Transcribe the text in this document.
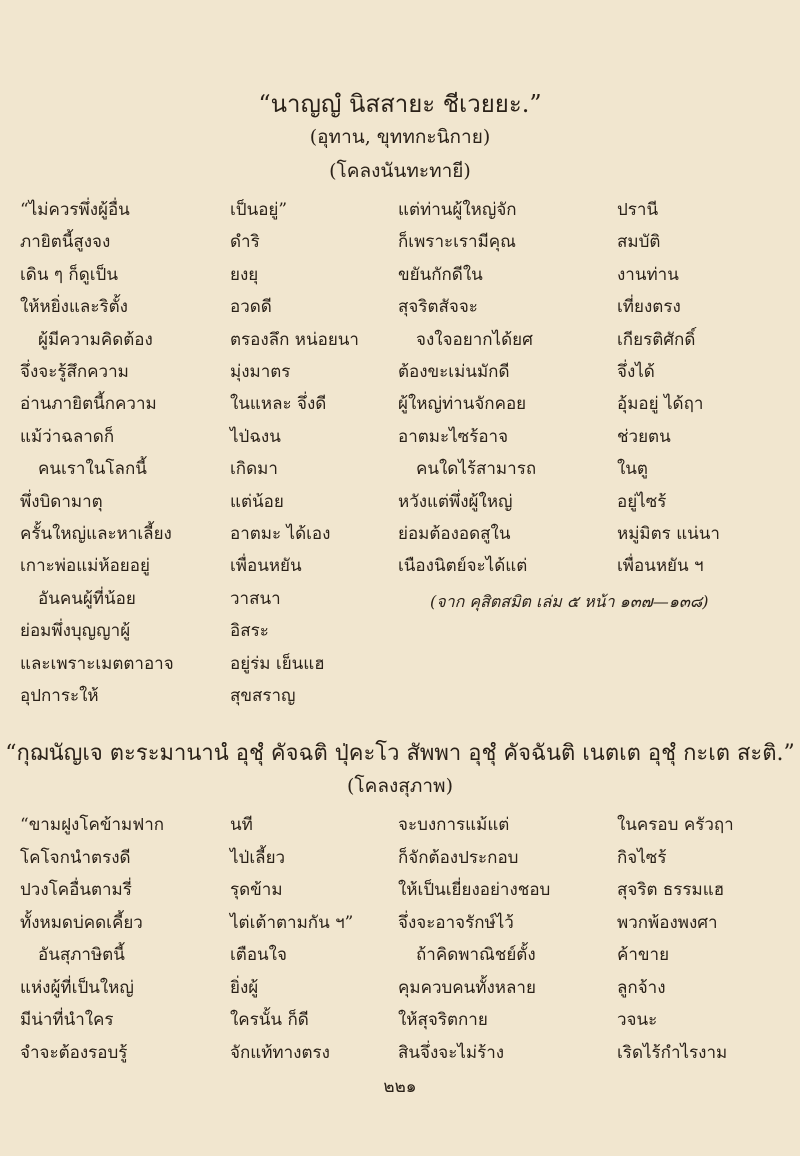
“นาญญํ นิสสายะ ชีเวยยะ.”
(อุทาน, ขุททกะนิกาย)
(โคลงนันทะทายี)
“ไม่ควรพึ่งผู้อื่น	เป็นอยู่”	แต่ท่านผู้ใหญ่จัก	ปรานี
ภายิตนี้สูงจง	ดำริ	ก็เพราะเรามีคุณ	สมบัติ
เดิน ๆ ก็ดูเป็น	ยงยุ	ขยันกักดีใน	งานท่าน
ให้หยิ่งและริตั้ง	อวดดี	สุจริตสัจจะ	เที่ยงตรง
ผู้มีความคิดต้อง	ตรองลึก หน่อยนา	จงใจอยากได้ยศ	เกียรติศักดิ์
จึ่งจะรู้สึกความ	มุ่งมาตร	ต้องขะเม่นมักดี	จึ่งได้
อ่านภายิตนี้กความ	ในแหละ จึ่งดี	ผู้ใหญ่ท่านจักคอย	อุ้มอยู่ ได้ฤา
แม้ว่าฉลาดก็	ไป่ฉงน	อาตมะไซร้อาจ	ช่วยตน
คนเราในโลกนี้	เกิดมา	คนใดไร้สามารถ	ในตู
พึ่งบิดามาตุ	แต่น้อย	หวังแต่พึ่งผู้ใหญ่	อยู่ไซร้
ครั้นใหญ่และหาเลี้ยง	อาตมะ ได้เอง	ย่อมต้องอดสูใน	หมู่มิตร แน่นา
เกาะพ่อแม่ห้อยอยู่	เพื่อนหยัน	เนืองนิตย์จะได้แต่	เพื่อนหยัน ฯ
อันคนผู้ที่น้อย	วาสนา
ย่อมพึ่งบุญญาผู้	อิสระ
และเพราะเมตตาอาจ	อยู่ร่ม เย็นแฮ
อุปการะให้	สุขสราญ
(จาก คุสิตสมิต เล่ม ๕ หน้า ๑๓๗—๑๓๘)
“กุฌนัญเจ ตะระมานานํ อุชุํ คัจฉติ ปุ่คะโว สัพพา อุชุํ คัจฉันติ เนตเต อุชุํ กะเต สะติ.”
(โคลงสุภาพ)
“ขามฝูงโคข้ามฟาก	นที	จะบงการแม้แต่	ในครอบ ครัวฤา
โคโจกนำตรงดี	ไป่เลี้ยว	ก็จักต้องประกอบ	กิจไซร้
ปวงโคอื่นตามรี่	รุดข้าม	ให้เป็นเยี่ยงอย่างชอบ	สุจริต ธรรมแฮ
ทั้งหมดบ่คดเคี้ยว	ไต่เต้าตามกัน ฯ”	จึ่งจะอาจรักษ์ไว้	พวกพ้องพงศา
อันสุภาษิตนี้	เตือนใจ	ถ้าคิดพาณิชย์ตั้ง	ค้าขาย
แห่งผู้ที่เป็นใหญ่	ยิ่งผู้	คุมควบคนทั้งหลาย	ลูกจ้าง
มีน่าที่นำใคร	ใครนั้น ก็ดี	ให้สุจริตกาย	วจนะ
จำจะต้องรอบรู้	จักแท้ทางตรง	สินจึ่งจะไม่ร้าง	เริดไร้กำไรงาม
๒๒๑
